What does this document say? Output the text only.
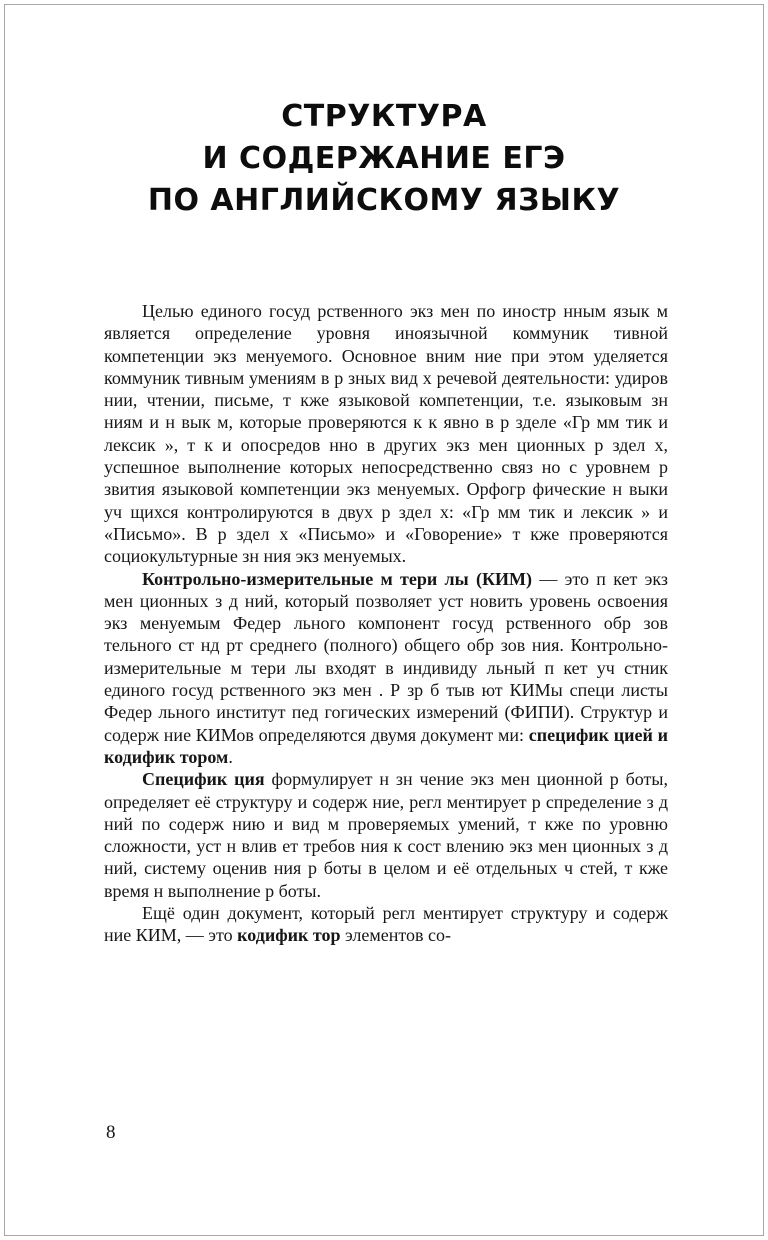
СТРУКТУРА
И СОДЕРЖАНИЕ ЕГЭ
ПО АНГЛИЙСКОМУ ЯЗЫКУ

Целью единого госуд рственного экз мен по иностр нным язык м является определение уровня иноязычной коммуник тивной компетенции экз менуемого. Основное вним ние при этом уделяется коммуник тивным умениям в р зных вид х речевой деятельности: удиров нии, чтении, письме, т кже языковой компетенции, т.е. языковым зн ниям и н вык м, которые проверяются к к явно в р зделе «Гр мм тик и лексик », т к и опосредов нно в других экз мен ционных р здел х, успешное выполнение которых непосредственно связ но с уровнем р звития языковой компетенции экз менуемых. Орфогр фические н выки уч щихся контролируются в двух р здел х: «Гр мм тик и лексик » и «Письмо». В р здел х «Письмо» и «Говорение» т кже проверяются социокультурные зн ния экз менуемых.

Контрольно-измерительные м тери лы (КИМ) — это п кет экз мен ционных з д ний, который позволяет уст новить уровень освоения экз менуемым Федер льного компонент госуд рственного обр зов тельного ст нд рт среднего (полного) общего обр зов ния. Контрольно-измерительные м тери лы входят в индивиду льный п кет уч стник единого госуд рственного экз мен . Р зр б тыв ют КИМы специ листы Федер льного институт пед гогических измерений (ФИПИ). Структур и содерж ние КИМов определяются двумя документ ми: специфик цией и кодифик тором.

Специфик ция формулирует н зн чение экз мен ционной р боты, определяет её структуру и содерж ние, регл ментирует р спределение з д ний по содерж нию и вид м проверяемых умений, т кже по уровню сложности, уст н влив ет требов ния к сост влению экз мен ционных з д ний, систему оценив ния р боты в целом и её отдельных ч стей, т кже время н выполнение р боты.

Ещё один документ, который регл ментирует структуру и содерж ние КИМ, — это кодифик тор элементов со-

8
